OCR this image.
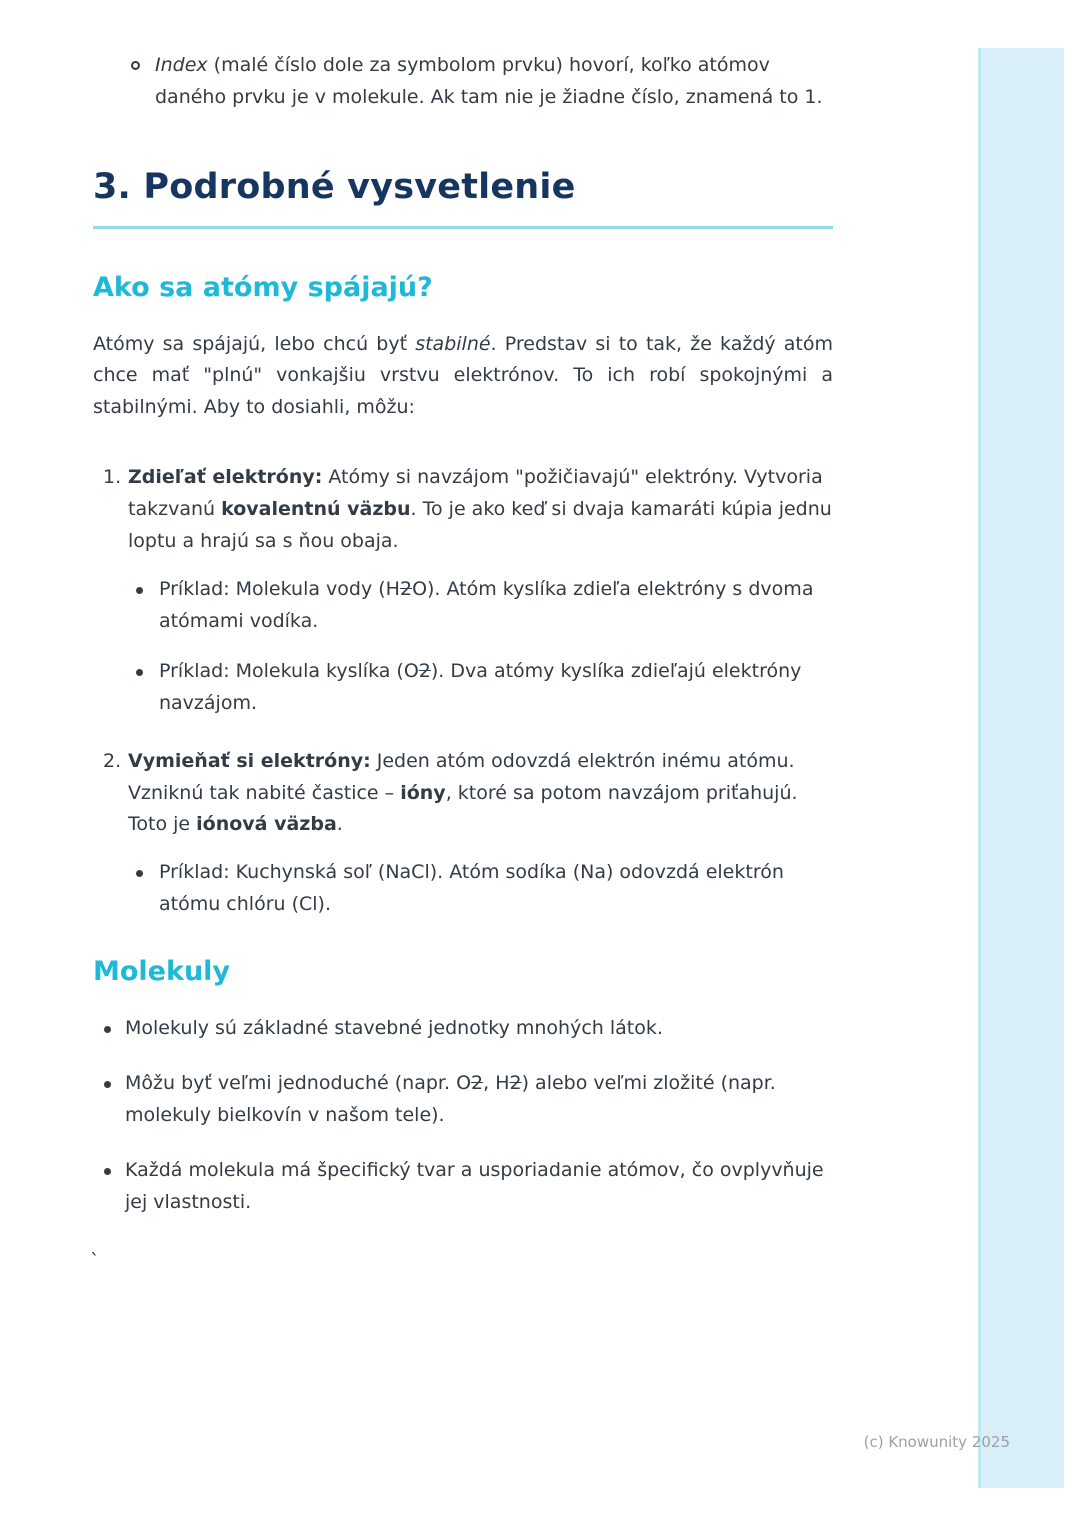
Index (malé číslo dole za symbolom prvku) hovorí, koľko atómov daného prvku je v molekule. Ak tam nie je žiadne číslo, znamená to 1.
3. Podrobné vysvetlenie
Ako sa atómy spájajú?

Atómy sa spájajú, lebo chcú byť stabilné. Predstav si to tak, že každý atóm chce mať "plnú" vonkajšiu vrstvu elektrónov. To ich robí spokojnými a stabilnými. Aby to dosiahli, môžu:

1. Zdieľať elektróny: Atómy si navzájom "požičiavajú" elektróny. Vytvoria takzvanú kovalentnú väzbu. To je ako keď si dvaja kamaráti kúpia jednu loptu a hrajú sa s ňou obaja.
Príklad: Molekula vody (H2O). Atóm kyslíka zdieľa elektróny s dvoma atómami vodíka.
Príklad: Molekula kyslíka (O2). Dva atómy kyslíka zdieľajú elektróny navzájom.
2. Vymieňať si elektróny: Jeden atóm odovzdá elektrón inému atómu. Vzniknú tak nabité častice – ióny, ktoré sa potom navzájom priťahujú. Toto je iónová väzba.
Príklad: Kuchynská soľ (NaCl). Atóm sodíka (Na) odovzdá elektrón atómu chlóru (Cl).
Molekuly
Molekuly sú základné stavebné jednotky mnohých látok.
Môžu byť veľmi jednoduché (napr. O2, H2) alebo veľmi zložité (napr. molekuly bielkovín v našom tele).
Každá molekula má špecifický tvar a usporiadanie atómov, čo ovplyvňuje jej vlastnosti.
`
(c) Knowunity 2025
